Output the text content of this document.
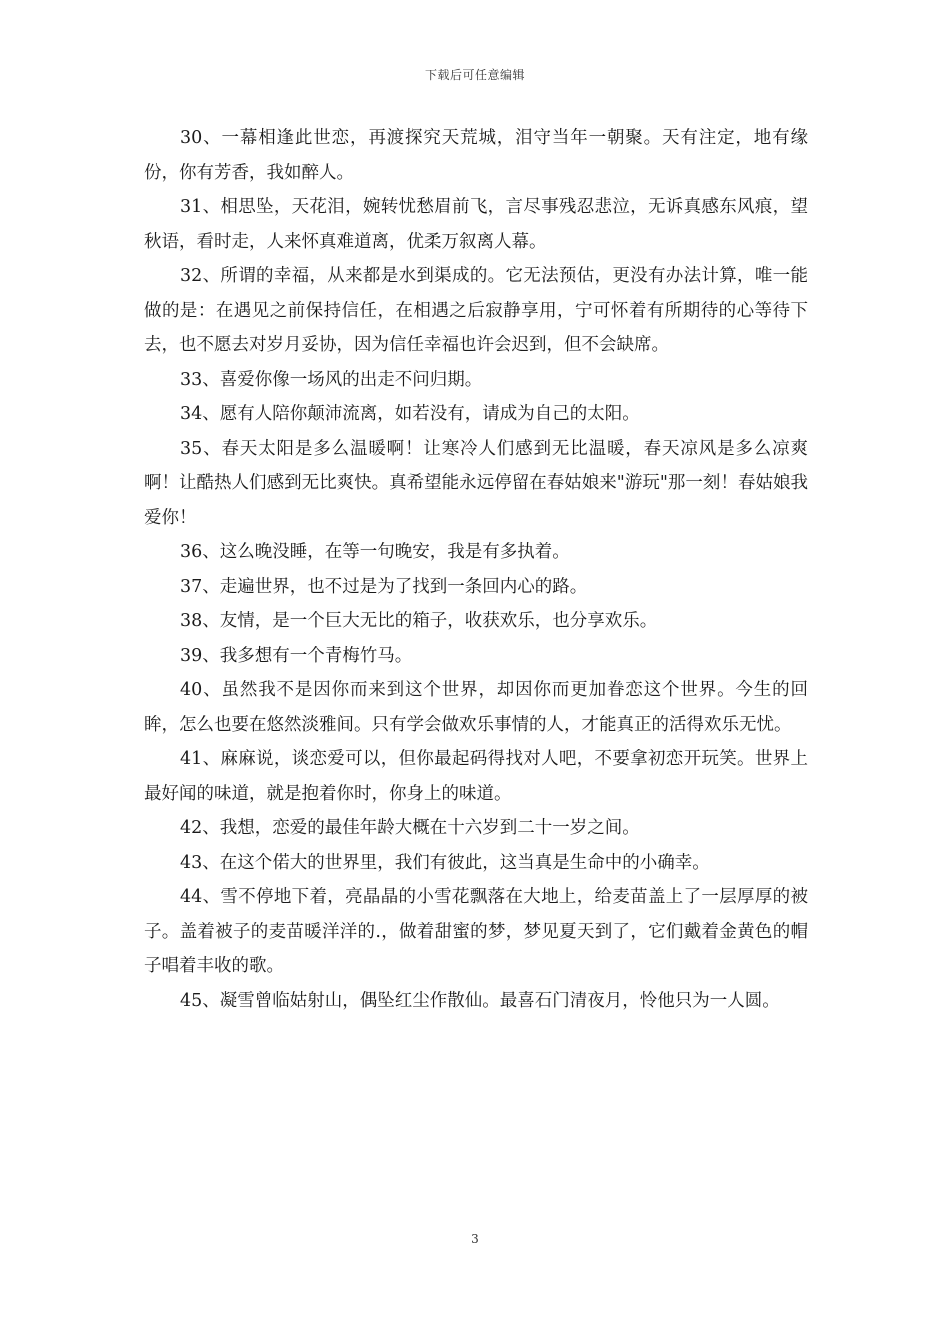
下载后可任意编辑

30、一幕相逢此世恋，再渡探究天荒城，泪守当年一朝聚。天有注定，地有缘份，你有芳香，我如醉人。

31、相思坠，天花泪，婉转忧愁眉前飞，言尽事残忍悲泣，无诉真感东风痕，望秋语，看时走，人来怀真难道离，优柔万叙离人幕。

32、所谓的幸福，从来都是水到渠成的。它无法预估，更没有办法计算，唯一能做的是：在遇见之前保持信任，在相遇之后寂静享用，宁可怀着有所期待的心等待下去，也不愿去对岁月妥协，因为信任幸福也许会迟到，但不会缺席。

33、喜爱你像一场风的出走不问归期。

34、愿有人陪你颠沛流离，如若没有，请成为自己的太阳。

35、春天太阳是多么温暖啊！让寒冷人们感到无比温暖，春天凉风是多么凉爽啊！让酷热人们感到无比爽快。真希望能永远停留在春姑娘来"游玩"那一刻！春姑娘我爱你！

36、这么晚没睡，在等一句晚安，我是有多执着。

37、走遍世界，也不过是为了找到一条回内心的路。

38、友情，是一个巨大无比的箱子，收获欢乐，也分享欢乐。

39、我多想有一个青梅竹马。

40、虽然我不是因你而来到这个世界，却因你而更加眷恋这个世界。今生的回眸，怎么也要在悠然淡雅间。只有学会做欢乐事情的人，才能真正的活得欢乐无忧。

41、麻麻说，谈恋爱可以，但你最起码得找对人吧，不要拿初恋开玩笑。世界上最好闻的味道，就是抱着你时，你身上的味道。

42、我想，恋爱的最佳年龄大概在十六岁到二十一岁之间。

43、在这个偌大的世界里，我们有彼此，这当真是生命中的小确幸。

44、雪不停地下着，亮晶晶的小雪花飘落在大地上，给麦苗盖上了一层厚厚的被子。盖着被子的麦苗暖洋洋的.，做着甜蜜的梦，梦见夏天到了，它们戴着金黄色的帽子唱着丰收的歌。

45、凝雪曾临姑射山，偶坠红尘作散仙。最喜石门清夜月，怜他只为一人圆。

3
